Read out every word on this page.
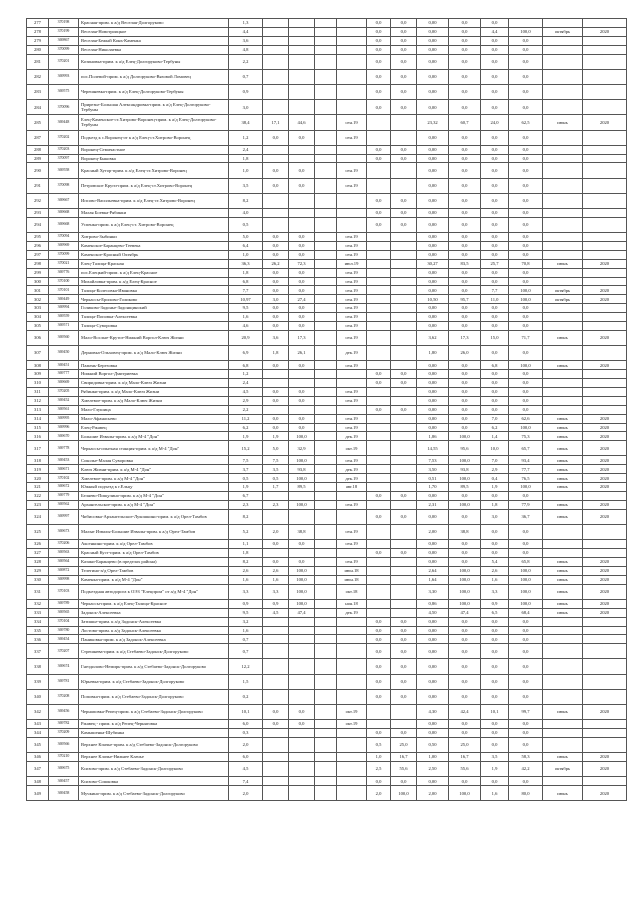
277	370198	Красная-прим. к а/д Веселая-Долгоруково	1,3					0,0	0,0	0,00	0,0	0,0			
278	370199	Веселая-Новотроицкое	4,4					0,0	0,0	0,00	0,0	4,4	100,0	октябрь	2020
279	369867	Веселая-Бежый Конь-Каменка	3,6					0,0	0,0	0,00	0,0	0,0	0,0		
280	370099	Веселая-Николаевка	4,8					0,0	0,0	0,00	0,0	0,0	0,0		
281	370201	Козиновка-прим. к а/д Елец-Долгоруково-Тербуны	2,2					0,0	0,0	0,00	0,0	0,0	0,0		
282	369993	пос.Полевой-прим. к а/д Долгоруково-Вязовой Ломовец	0,7					0,0	0,0	0,00	0,0	0,0	0,0		
283	369575	Черешневка-прим. к а/д Елец-Долгоруково-Тербуны	0,9					0,0	0,0	0,00	0,0	0,0	0,0		
284	370096	Прирезье-Большая Александровка-прим. к а/д Елец-Долгоруково-Тербуны	3,0					0,0	0,0	0,00	0,0	0,0	0,0		
285	369448	Елец-Каменское-ст.Хитрово-Воронец-прим. к а/д Елец-Долгоруково-Тербуны	38,4	17,1	44,6		сен.19			23,32	60,7	24,0	62,5	июнь	2020
287	370202	Подъезд к с.Воронец-от к а/д Елец-ст.Хитрово-Воронец	1,2	0,0	0,0		сен.19			0,00	0,0	0,0	0,0		
288	370203	Воронец-Семичастное	2,4					0,0	0,0	0,00	0,0	0,0	0,0		
289	370097	Воронец-Быковка	1,8					0,0	0,0	0,00	0,0	0,0	0,0		
290	369558	Красный Хутор-прим. к а/д Елец-ст.Хитрово-Воронец	1,0	0,0	0,0		сен.19			0,00	0,0	0,0	0,0		
291	370098	Петровское Круги-прим. к а/д Елец-ст.Хитрово-Воронец	3,5	0,0	0,0		сен.19			0,00	0,0	0,0	0,0		
292	369667	Ипсово-Васильевка-прим. к а/д Елец-ст.Хитрово-Воронец	8,2					0,0	0,0	0,00	0,0	0,0	0,0		
293	369668	Малая Боевка-Рябинки	4,0					0,0	0,0	0,00	0,0	0,0	0,0		
294	369668	Успенка-прим. к а/д Елец-ст. Хитрово-Воронец	0,5					0,0	0,0	0,00	0,0	0,0	0,0		
295	370094	Хитрово-Зыбинки	5,0	0,0	0,0		сен.19			0,00	0,0	0,0	0,0		
296	369969	Каменское-Баранцево-Теевека	6,4	0,0	0,0		сен.19			0,00	0,0	0,0	0,0		
297	370099	Каменское-Красный Октябрь	1,0	0,0	0,0		сен.19			0,00	0,0	0,0	0,0		
298	370021	Елец-Талица-Красная	36,3	26,2	72,3		июл.19			30,27	83,5	25,7	70,8	июнь	2020
299	369776	пос.Елецкий-прим. к а/д Елец-Красное	1,8	0,0	0,0		сен.19			0,00	0,0	0,0	0,0		
300	370100	Михайловка-прим. к а/д Елец-Красное	6,8	0,0	0,0		сен.19			0,00	0,0	0,0	0,0		
301	370101	Талица-Колесовка-Ивановка	7,7	0,0	0,0		сен.19			0,00	0,0	7,7	100,0	октябрь	2020
302	369449	Черкассы-Ерилово-Голиково	10,97	3,0	27,4		сен.19			10,50	95,7	11,0	100,0	октябрь	2020
303	369994	Голиково-Задонье-Задонщинский	9,5	0,0	0,0		сен.19			0,00	0,0	0,0	0,0		
304	369559	Талица-Поповка-Алексеевка	1,6	0,0	0,0		сен.19			0,00	0,0	0,0	0,0		
305	369571	Талица-Суворовка	4,6	0,0	0,0		сен.19			0,00	0,0	0,0	0,0		
306	369560	Мало-Вослые-Крутое-Нижний Воргол-Ключ Жизни	20,9	3,6	17,3		сен.19			3,62	17,3	15,0	71,7	июнь	2020
307	369450	Дерновка-Ольховец-прим. к а/д Мало-Ключ Жизни	6,9	1,8	26,1		дек.19			1,80	26,0	0,0	0,0		
308	369451	Пажень-Березовка	6,8	0,0	0,0		сен.19			0,00	0,0	6,8	100,0	июнь	2020
309	369777	Нижний Воргол-Дмитриевка	1,2					0,0	0,0	0,00	0,0	0,0	0,0		
310	369669	Свиридовка-прим. к а/д Мало-Ключ Жизни	2,4					0,0	0,0	0,00	0,0	0,0	0,0		
311	370205	Рябинки-прим. к а/д Мало-Ключ Жизни	4,5	0,0	0,0		сен.19			0,00	0,0	0,0	0,0		
312	369452	Хмелевое-прим. к а/д Мало-Ключ Жизни	2,9	0,0	0,0		сен.19			0,00	0,0	0,0	0,0		
313	369561	Мало-Глушица	2,2					0,0	0,0	0,00	0,0	0,0	0,0		
314	369995	Мало-Афанасьево	11,2	0,0	0,0		сен.19			0,00	0,0	7,0	62,6	июнь	2020
315	369996	Елец-Ржавец	6,2	0,0	0,0		сен.19			0,00	0,0	6,2	100,0	июнь	2020
316	369670	Большие Извалы-прим. к а/д М-4 "Дон"	1,9	1,9	100,0		дек.19			1,86	100,0	1,4	75,3	июнь	2020
317	369778	Черкассы-опытная станция-прим. к а/д М-4 "Дон"	15,2	5,0	32,9		окт.19			14,55	95,6	10,0	65,7	июнь	2020
318	369453	Соколье-Малая Суворовка	7,5	7,5	100,0		сен.19			7,53	100,0	7,0	93,4	июнь	2020
319	369671	Ключ Жизни-прим. к а/д М-4 "Дон"	3,7	3,5	93,8		дек.19			3,50	93,8	2,9	77,7	июнь	2020
320	370102	Хмелевое-прим. к а/д М-4 "Дон"	0,5	0,5	100,0		дек.19			0,51	100,0	0,4	76,5	июнь	2020
321	369672	Южный подъезд к г.Ельцу	1,9	1,7	89,5		авг.18			1,70	89,5	1,9	100,0	июнь	2020
322	369779	Беляево-Пищулино-прим. к а/д М-4 "Дон"	6,7					0,0	0,0	0,00	0,0	0,0	0,0		
323	369562	Архангельское-прим. к а/д М-4 "Дон"	2,3	2,3	100,0		сен.19			2,31	100,0	1,8	77,9	июнь	2020
324	369997	Чибисовка-Архангельское-Лукошкино-прим. к а/д Орел-Тамбов	8,2					0,0	0,0	0,00	0,0	3,0	36,7	июнь	2020
325	369673	Малые Извалы-Большие Извалы-прим. к а/д Орел-Тамбов	5,2	2,0	38,8		сен.19			2,00	38,8	0,0	0,0		
326	370206	Аксенкино-прим. к а/д Орел-Тамбов	1,1	0,0	0,0		сен.19			0,00	0,0	0,0	0,0		
327	369563	Красный Куст-прим. к а/д Орел-Тамбов	1,8					0,0	0,0	0,00	0,0	0,0	0,0		
328	369564	Казаки-Баранцево (в пределах района)	8,2	0,0	0,0		сен.19			0,00	0,0	5,4	65,8	июнь	2020
329	369872	Телегино-а/д Орел-Тамбов	2,6	2,6	100,0		июн.18			2,64	100,0	2,6	100,0	июнь	2020
330	369998	Каменка-прим. к а/д М-4 "Дон"	1,6	1,6	100,0		июн.18			1,64	100,0	1,6	100,0	июнь	2020
331	370103	Подъездная автодорога к ОЭЗ "Елецпром" от а/д М-4 "Дон"	3,3	3,3	100,0		окт.18			3,30	100,0	3,3	100,0	июнь	2020
332	369789	Черкассы-прим. к а/д Елец-Талица-Красное	0,9	0,9	100,0		ноя.18			0,86	100,0	0,9	100,0	июнь	2020
333	369565	Задонск-Алексеевка	9,5	4,5	47,4		дек.19			4,50	47,4	6,5	68,4	июнь	2020
334	370104	Затишье-прим. к а/д Задонск-Алексеевка	3,2					0,0	0,0	0,00	0,0	0,0	0,0		
335	369780	Лостово-прим. к а/д Задонск-Алексеевка	1,6					0,0	0,0	0,00	0,0	0,0	0,0		
336	369454	Паниковка-прим. к а/д Задонск-Алексеевка	0,7					0,0	0,0	0,00	0,0	0,0	0,0		
337	370207	Стрешнева-прим. к а/д Стебаево-Задонск-Долгоруково	0,7					0,0	0,0	0,00	0,0	0,0	0,0		
338	369674	Гнездилово-Немирь-прим. к а/д Стебаево-Задонск-Долгоруково	12,2					0,0	0,0	0,00	0,0	0,0	0,0		
339	369781	Юрьевка-прим. к а/д Стебаево-Задонск-Долгоруково	1,5					0,0	0,0	0,00	0,0	0,0	0,0		
340	370208	Поповка-прим. к а/д Стебаево-Задонск-Долгоруково	0,2					0,0	0,0	0,00	0,0	0,0	0,0		
342	369456	Чернаповка-Репец-прим. к а/д Стебаево-Задонск-Долгоруково	10,1	0,0	0,0		окт.19			4,30	42,4	10,1	99,7	июнь	2020
343	369782	Ржавец - прим. к а/д Репец-Черняговка	6,0	0,0	0,0		окт.19			0,00	0,0	0,0	0,0		
344	370209	Камышенка-Шубинка	0,3					0,0	0,0	0,00	0,0	0,0	0,0		
345	369566	Верхнее Кпачье-прим. к а/д Стебаево-Задонск-Долгоруково	2,0					0,5	25,0	0,50	25,0	0,0	0,0		
346	370210	Верхнее Клачье-Нижнее Клачье	6,0					1,0	16,7	1,00	16,7	3,5	58,3	июнь	2020
347	369675	Ксизово-прим. к а/д Стебаево-Задонск-Долгоруково	4,5					2,5	55,6	2,50	55,6	1,9	42,2	октябрь	2020
348	369457	Ксизово-Сошковка	7,4					0,0	0,0	0,00	0,0	0,0	0,0		
349	369458	Мучкино-прим. к а/д Стебаево-Задонск-Долгоруково	2,0					2,0	100,0	2,00	100,0	1,6	80,0	июнь	2020
